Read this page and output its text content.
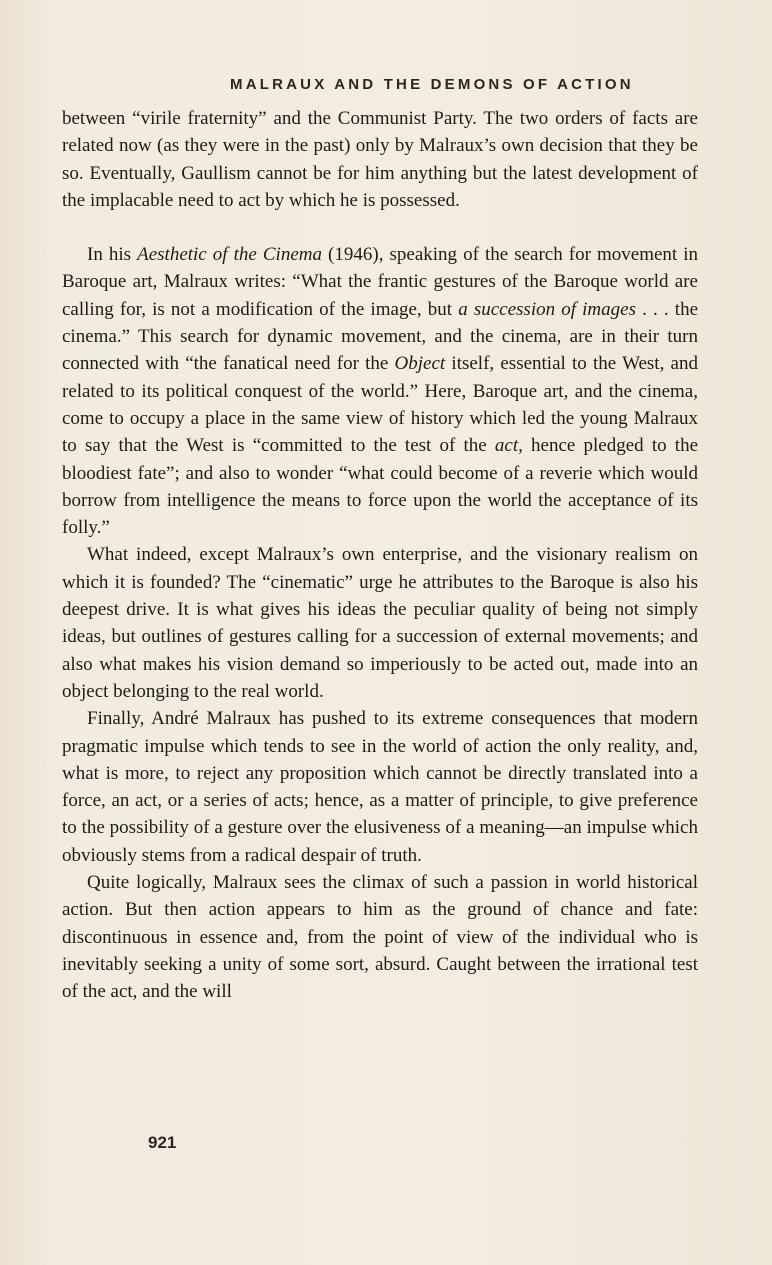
MALRAUX AND THE DEMONS OF ACTION

between “virile fraternity” and the Communist Party. The two orders of facts are related now (as they were in the past) only by Malraux’s own decision that they be so. Eventually, Gaullism cannot be for him anything but the latest development of the implacable need to act by which he is possessed.

In his Aesthetic of the Cinema (1946), speaking of the search for movement in Baroque art, Malraux writes: “What the frantic gestures of the Baroque world are calling for, is not a modification of the image, but a succession of images . . . the cinema.” This search for dynamic movement, and the cinema, are in their turn connected with “the fanatical need for the Object itself, essential to the West, and related to its political conquest of the world.” Here, Baroque art, and the cinema, come to occupy a place in the same view of history which led the young Malraux to say that the West is “committed to the test of the act, hence pledged to the bloodiest fate”; and also to wonder “what could become of a reverie which would borrow from intelligence the means to force upon the world the acceptance of its folly.”

What indeed, except Malraux’s own enterprise, and the visionary realism on which it is founded? The “cinematic” urge he attributes to the Baroque is also his deepest drive. It is what gives his ideas the peculiar quality of being not simply ideas, but outlines of gestures calling for a succession of external movements; and also what makes his vision demand so imperiously to be acted out, made into an object belonging to the real world.

Finally, André Malraux has pushed to its extreme consequences that modern pragmatic impulse which tends to see in the world of action the only reality, and, what is more, to reject any proposition which cannot be directly translated into a force, an act, or a series of acts; hence, as a matter of principle, to give preference to the possibility of a gesture over the elusiveness of a meaning—an impulse which obviously stems from a radical despair of truth.

Quite logically, Malraux sees the climax of such a passion in world historical action. But then action appears to him as the ground of chance and fate: discontinuous in essence and, from the point of view of the individual who is inevitably seeking a unity of some sort, absurd. Caught between the irrational test of the act, and the will

921
